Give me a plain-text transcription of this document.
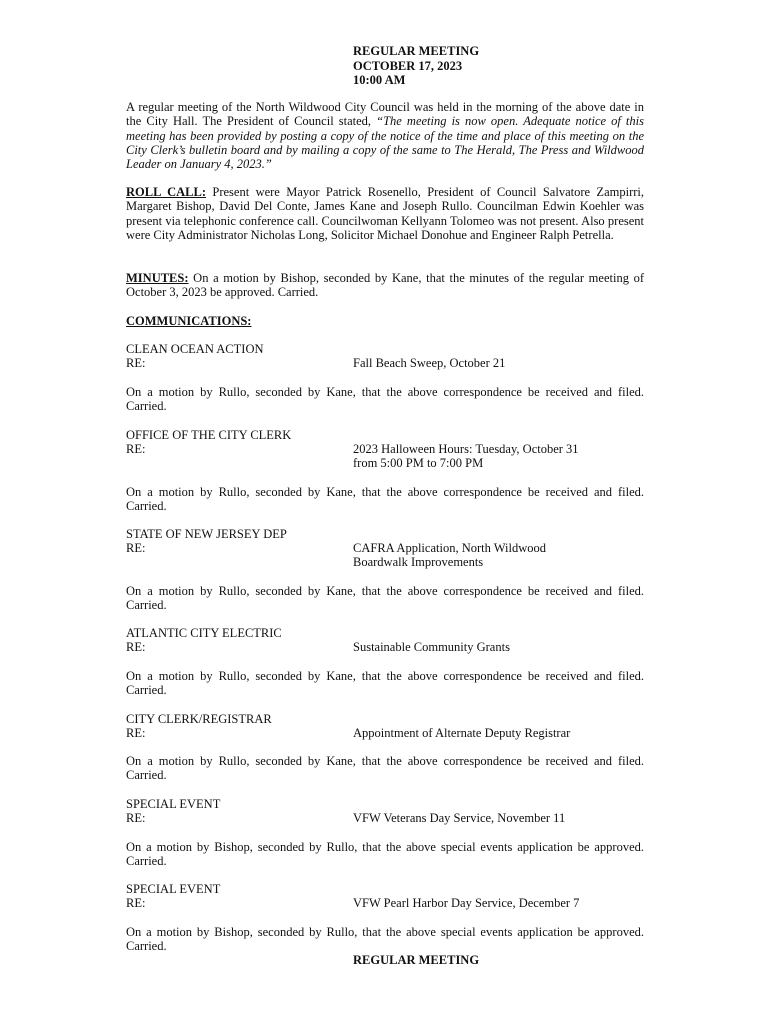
REGULAR MEETING
OCTOBER 17, 2023
10:00 AM
A regular meeting of the North Wildwood City Council was held in the morning of the above date in the City Hall. The President of Council stated, “The meeting is now open. Adequate notice of this meeting has been provided by posting a copy of the notice of the time and place of this meeting on the City Clerk’s bulletin board and by mailing a copy of the same to The Herald, The Press and Wildwood Leader on January 4, 2023.”
ROLL CALL: Present were Mayor Patrick Rosenello, President of Council Salvatore Zampirri, Margaret Bishop, David Del Conte, James Kane and Joseph Rullo. Councilman Edwin Koehler was present via telephonic conference call. Councilwoman Kellyann Tolomeo was not present. Also present were City Administrator Nicholas Long, Solicitor Michael Donohue and Engineer Ralph Petrella.
MINUTES: On a motion by Bishop, seconded by Kane, that the minutes of the regular meeting of October 3, 2023 be approved. Carried.
COMMUNICATIONS:
CLEAN OCEAN ACTION
RE:	Fall Beach Sweep, October 21
On a motion by Rullo, seconded by Kane, that the above correspondence be received and filed. Carried.
OFFICE OF THE CITY CLERK
RE:	2023 Halloween Hours: Tuesday, October 31
from 5:00 PM to 7:00 PM
On a motion by Rullo, seconded by Kane, that the above correspondence be received and filed. Carried.
STATE OF NEW JERSEY DEP
RE:	CAFRA Application, North Wildwood
Boardwalk Improvements
On a motion by Rullo, seconded by Kane, that the above correspondence be received and filed. Carried.
ATLANTIC CITY ELECTRIC
RE:	Sustainable Community Grants
On a motion by Rullo, seconded by Kane, that the above correspondence be received and filed. Carried.
CITY CLERK/REGISTRAR
RE:	Appointment of Alternate Deputy Registrar
On a motion by Rullo, seconded by Kane, that the above correspondence be received and filed. Carried.
SPECIAL EVENT
RE:	VFW Veterans Day Service, November 11
On a motion by Bishop, seconded by Rullo, that the above special events application be approved. Carried.
SPECIAL EVENT
RE:	VFW Pearl Harbor Day Service, December 7
On a motion by Bishop, seconded by Rullo, that the above special events application be approved. Carried.
REGULAR MEETING
